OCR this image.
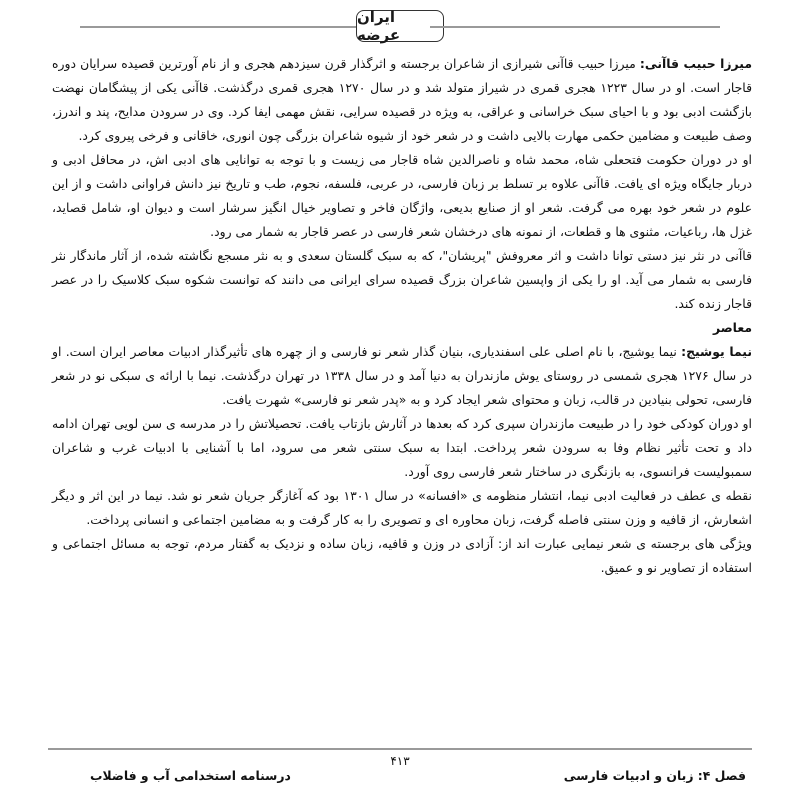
ایران عرضه

میرزا حبیب قاآنی: میرزا حبیب قاآنی شیرازی از شاعران برجسته و اثرگذار قرن سیزدهم هجری و از نام آورترین قصیده سرایان دوره قاجار است. او در سال ۱۲۲۳ هجری قمری در شیراز متولد شد و در سال ۱۲۷۰ هجری قمری درگذشت. قاآنی یکی از پیشگامان نهضت بازگشت ادبی بود و با احیای سبک خراسانی و عراقی، به ویژه در قصیده سرایی، نقش مهمی ایفا کرد. وی در سرودن مدایح، پند و اندرز، وصف طبیعت و مضامین حکمی مهارت بالایی داشت و در شعر خود از شیوه شاعران بزرگی چون انوری، خاقانی و فرخی پیروی کرد.

او در دوران حکومت فتحعلی شاه، محمد شاه و ناصرالدین شاه قاجار می زیست و با توجه به توانایی های ادبی اش، در محافل ادبی و دربار جایگاه ویژه ای یافت. قاآنی علاوه بر تسلط بر زبان فارسی، در عربی، فلسفه، نجوم، طب و تاریخ نیز دانش فراوانی داشت و از این علوم در شعر خود بهره می گرفت. شعر او از صنایع بدیعی، واژگان فاخر و تصاویر خیال انگیز سرشار است و دیوان او، شامل قصاید، غزل ها، رباعیات، مثنوی ها و قطعات، از نمونه های درخشان شعر فارسی در عصر قاجار به شمار می رود.

قاآنی در نثر نیز دستی توانا داشت و اثر معروفش "پریشان"، که به سبک گلستان سعدی و به نثر مسجع نگاشته شده، از آثار ماندگار نثر فارسی به شمار می آید. او را یکی از واپسین شاعران بزرگ قصیده سرای ایرانی می دانند که توانست شکوه سبک کلاسیک را در عصر قاجار زنده کند.

معاصر

نیما یوشیج: نیما یوشیج، با نام اصلی علی اسفندیاری، بنیان گذار شعر نو فارسی و از چهره های تأثیرگذار ادبیات معاصر ایران است. او در سال ۱۲۷۶ هجری شمسی در روستای یوش مازندران به دنیا آمد و در سال ۱۳۳۸ در تهران درگذشت. نیما با ارائه ی سبکی نو در شعر فارسی، تحولی بنیادین در قالب، زبان و محتوای شعر ایجاد کرد و به «پدر شعر نو فارسی» شهرت یافت.

او دوران کودکی خود را در طبیعت مازندران سپری کرد که بعدها در آثارش بازتاب یافت. تحصیلاتش را در مدرسه ی سن لویی تهران ادامه داد و تحت تأثیر نظام وفا به سرودن شعر پرداخت. ابتدا به سبک سنتی شعر می سرود، اما با آشنایی با ادبیات غرب و شاعران سمبولیست فرانسوی، به بازنگری در ساختار شعر فارسی روی آورد.

نقطه ی عطف در فعالیت ادبی نیما، انتشار منظومه ی «افسانه» در سال ۱۳۰۱ بود که آغازگر جریان شعر نو شد. نیما در این اثر و دیگر اشعارش، از قافیه و وزن سنتی فاصله گرفت، زبان محاوره ای و تصویری را به کار گرفت و به مضامین اجتماعی و انسانی پرداخت.

ویژگی های برجسته ی شعر نیمایی عبارت اند از: آزادی در وزن و قافیه، زبان ساده و نزدیک به گفتار مردم، توجه به مسائل اجتماعی و استفاده از تصاویر نو و عمیق.

۴۱۳
فصل ۴: زبان و ادبیات فارسی
درسنامه استخدامی آب و فاضلاب
